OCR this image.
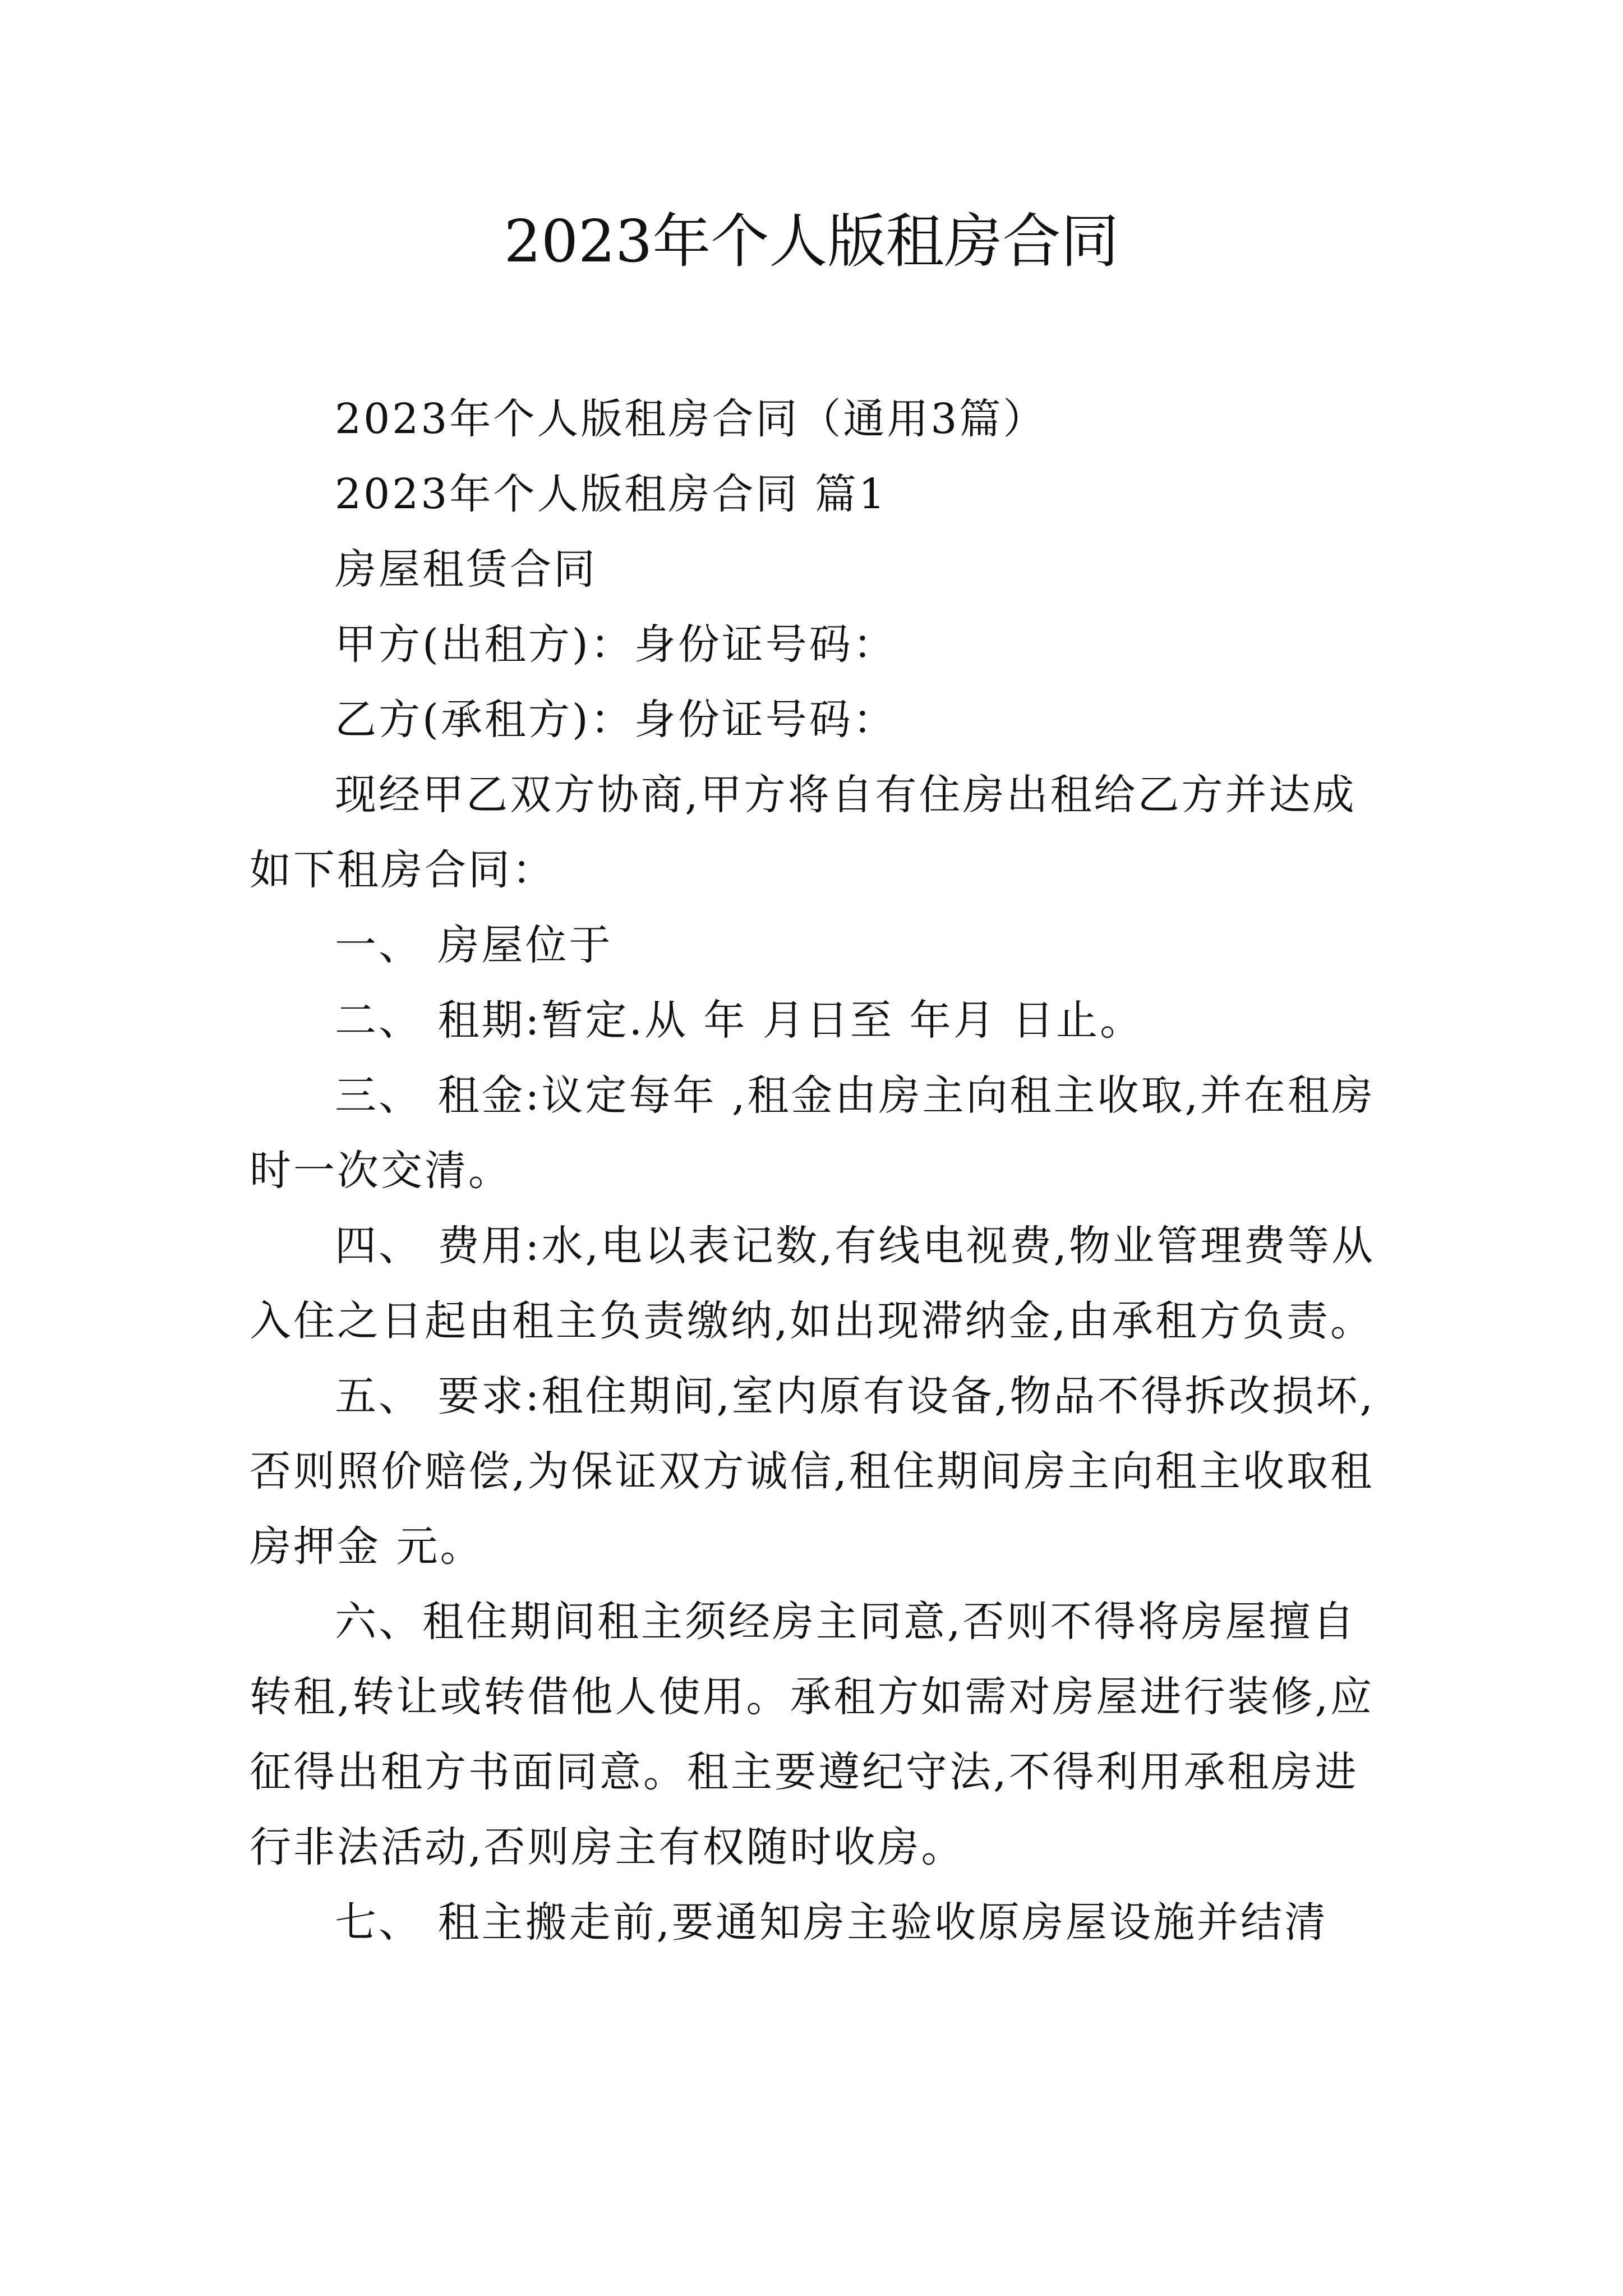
2023年个人版租房合同

2023年个人版租房合同（通用3篇）

2023年个人版租房合同 篇1

房屋租赁合同

甲方(出租方)：身份证号码：

乙方(承租方)：身份证号码：

现经甲乙双方协商,甲方将自有住房出租给乙方并达成如下租房合同：

一、 房屋位于

二、 租期:暂定.从 年 月日至 年月 日止。

三、 租金:议定每年 ,租金由房主向租主收取,并在租房时一次交清。

四、 费用:水,电以表记数,有线电视费,物业管理费等从入住之日起由租主负责缴纳,如出现滞纳金,由承租方负责。

五、 要求:租住期间,室内原有设备,物品不得拆改损坏,否则照价赔偿,为保证双方诚信,租住期间房主向租主收取租房押金 元。

六、租住期间租主须经房主同意,否则不得将房屋擅自转租,转让或转借他人使用。承租方如需对房屋进行装修,应征得出租方书面同意。租主要遵纪守法,不得利用承租房进行非法活动,否则房主有权随时收房。

七、 租主搬走前,要通知房主验收原房屋设施并结清
